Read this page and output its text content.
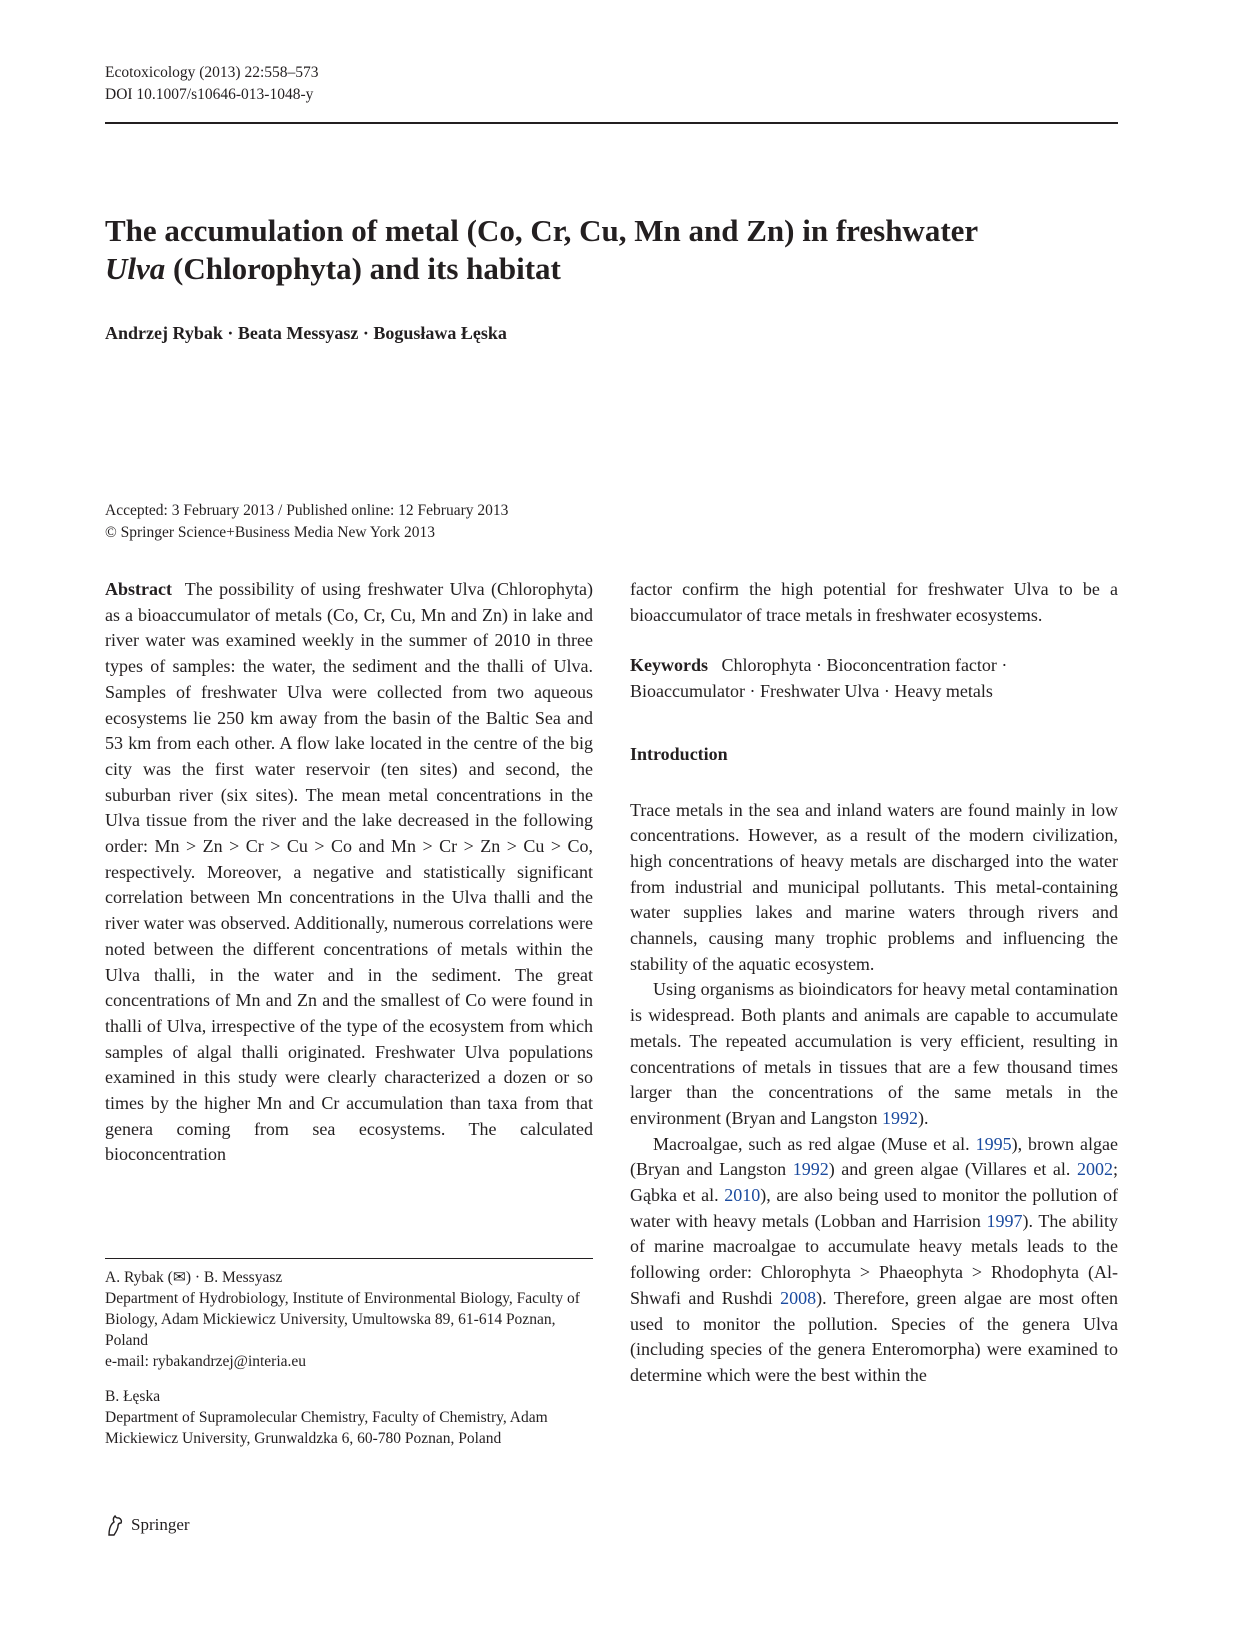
Ecotoxicology (2013) 22:558–573
DOI 10.1007/s10646-013-1048-y
The accumulation of metal (Co, Cr, Cu, Mn and Zn) in freshwater
Ulva (Chlorophyta) and its habitat
Andrzej Rybak · Beata Messyasz · Bogusława Łęska
Accepted: 3 February 2013 / Published online: 12 February 2013
© Springer Science+Business Media New York 2013

Abstract The possibility of using freshwater Ulva (Chlorophyta) as a bioaccumulator of metals (Co, Cr, Cu, Mn and Zn) in lake and river water was examined weekly in the summer of 2010 in three types of samples: the water, the sediment and the thalli of Ulva. Samples of freshwater Ulva were collected from two aqueous ecosystems lie 250 km away from the basin of the Baltic Sea and 53 km from each other. A flow lake located in the centre of the big city was the first water reservoir (ten sites) and second, the suburban river (six sites). The mean metal concentrations in the Ulva tissue from the river and the lake decreased in the following order: Mn > Zn > Cr > Cu > Co and Mn > Cr > Zn > Cu > Co, respectively. Moreover, a negative and statistically significant correlation between Mn concentrations in the Ulva thalli and the river water was observed. Additionally, numerous correlations were noted between the different concentrations of metals within the Ulva thalli, in the water and in the sediment. The great concentrations of Mn and Zn and the smallest of Co were found in thalli of Ulva, irrespective of the type of the ecosystem from which samples of algal thalli originated. Freshwater Ulva populations examined in this study were clearly characterized a dozen or so times by the higher Mn and Cr accumulation than taxa from that genera coming from sea ecosystems. The calculated bioconcentration

A. Rybak (✉) · B. Messyasz
Department of Hydrobiology, Institute of Environmental Biology, Faculty of Biology, Adam Mickiewicz University, Umultowska 89, 61-614 Poznan, Poland
e-mail: rybakandrzej@interia.eu

B. Łęska
Department of Supramolecular Chemistry, Faculty of Chemistry, Adam Mickiewicz University, Grunwaldzka 6, 60-780 Poznan, Poland

factor confirm the high potential for freshwater Ulva to be a bioaccumulator of trace metals in freshwater ecosystems.

Keywords Chlorophyta · Bioconcentration factor · Bioaccumulator · Freshwater Ulva · Heavy metals

Introduction

Trace metals in the sea and inland waters are found mainly in low concentrations. However, as a result of the modern civilization, high concentrations of heavy metals are discharged into the water from industrial and municipal pollutants. This metal-containing water supplies lakes and marine waters through rivers and channels, causing many trophic problems and influencing the stability of the aquatic ecosystem.

Using organisms as bioindicators for heavy metal contamination is widespread. Both plants and animals are capable to accumulate metals. The repeated accumulation is very efficient, resulting in concentrations of metals in tissues that are a few thousand times larger than the concentrations of the same metals in the environment (Bryan and Langston 1992).

Macroalgae, such as red algae (Muse et al. 1995), brown algae (Bryan and Langston 1992) and green algae (Villares et al. 2002; Gąbka et al. 2010), are also being used to monitor the pollution of water with heavy metals (Lobban and Harrision 1997). The ability of marine macroalgae to accumulate heavy metals leads to the following order: Chlorophyta > Phaeophyta > Rhodophyta (Al-Shwafi and Rushdi 2008). Therefore, green algae are most often used to monitor the pollution. Species of the genera Ulva (including species of the genera Enteromorpha) were examined to determine which were the best within the

Springer
